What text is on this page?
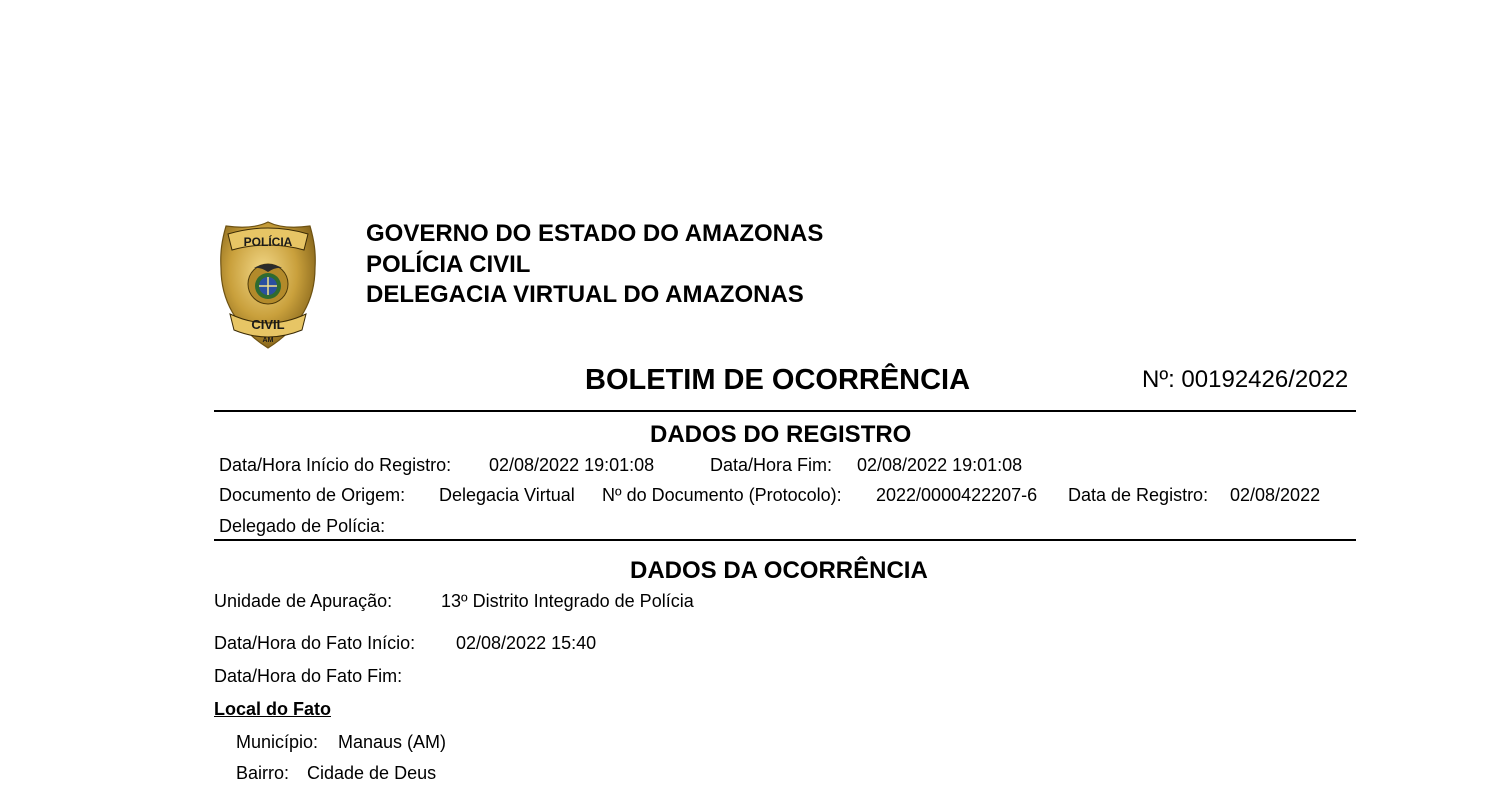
POLÍCIA
CIVIL
AM
GOVERNO DO ESTADO DO AMAZONAS
POLÍCIA CIVIL
DELEGACIA VIRTUAL DO AMAZONAS
BOLETIM DE OCORRÊNCIA	Nº: 00192426/2022
DADOS DO REGISTRO
Data/Hora Início do Registro: 02/08/2022 19:01:08	Data/Hora Fim: 02/08/2022 19:01:08
Documento de Origem: Delegacia Virtual Nº do Documento (Protocolo): 2022/0000422207-6 Data de Registro: 02/08/2022
Delegado de Polícia:
DADOS DA OCORRÊNCIA
Unidade de Apuração:	13º Distrito Integrado de Polícia
Data/Hora do Fato Início: 02/08/2022 15:40
Data/Hora do Fato Fim:
Local do Fato
Município: Manaus (AM)
Bairro: Cidade de Deus
